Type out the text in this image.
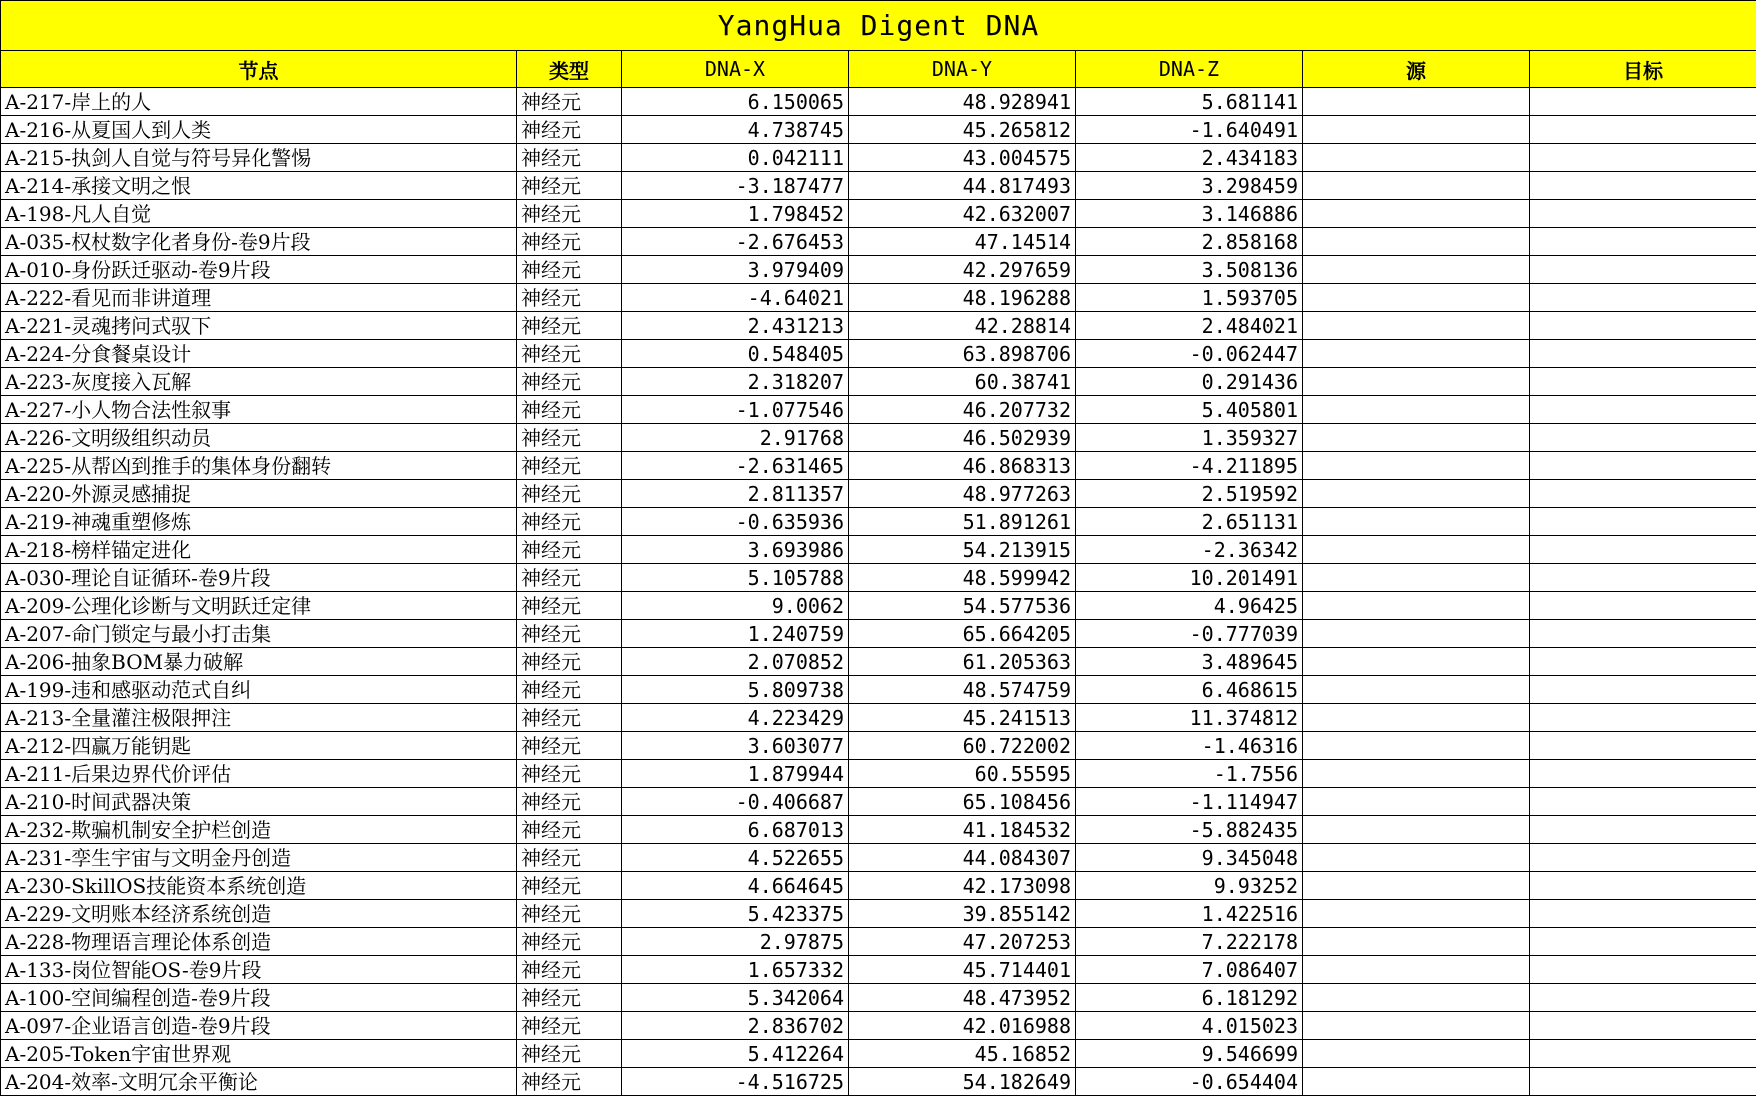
YangHua Digent DNA						
节点	类型	DNA-X	DNA-Y	DNA-Z	源	目标
A-217-岸上的人	神经元	6.150065	48.928941	5.681141		
A-216-从夏国人到人类	神经元	4.738745	45.265812	-1.640491		
A-215-执剑人自觉与符号异化警惕	神经元	0.042111	43.004575	2.434183		
A-214-承接文明之恨	神经元	-3.187477	44.817493	3.298459		
A-198-凡人自觉	神经元	1.798452	42.632007	3.146886		
A-035-权杖数字化者身份-卷9片段	神经元	-2.676453	47.14514	2.858168		
A-010-身份跃迁驱动-卷9片段	神经元	3.979409	42.297659	3.508136		
A-222-看见而非讲道理	神经元	-4.64021	48.196288	1.593705		
A-221-灵魂拷问式驭下	神经元	2.431213	42.28814	2.484021		
A-224-分食餐桌设计	神经元	0.548405	63.898706	-0.062447		
A-223-灰度接入瓦解	神经元	2.318207	60.38741	0.291436		
A-227-小人物合法性叙事	神经元	-1.077546	46.207732	5.405801		
A-226-文明级组织动员	神经元	2.91768	46.502939	1.359327		
A-225-从帮凶到推手的集体身份翻转	神经元	-2.631465	46.868313	-4.211895		
A-220-外源灵感捕捉	神经元	2.811357	48.977263	2.519592		
A-219-神魂重塑修炼	神经元	-0.635936	51.891261	2.651131		
A-218-榜样锚定进化	神经元	3.693986	54.213915	-2.36342		
A-030-理论自证循环-卷9片段	神经元	5.105788	48.599942	10.201491		
A-209-公理化诊断与文明跃迁定律	神经元	9.0062	54.577536	4.96425		
A-207-命门锁定与最小打击集	神经元	1.240759	65.664205	-0.777039		
A-206-抽象BOM暴力破解	神经元	2.070852	61.205363	3.489645		
A-199-违和感驱动范式自纠	神经元	5.809738	48.574759	6.468615		
A-213-全量灌注极限押注	神经元	4.223429	45.241513	11.374812		
A-212-四赢万能钥匙	神经元	3.603077	60.722002	-1.46316		
A-211-后果边界代价评估	神经元	1.879944	60.55595	-1.7556		
A-210-时间武器决策	神经元	-0.406687	65.108456	-1.114947		
A-232-欺骗机制安全护栏创造	神经元	6.687013	41.184532	-5.882435		
A-231-孪生宇宙与文明金丹创造	神经元	4.522655	44.084307	9.345048		
A-230-SkillOS技能资本系统创造	神经元	4.664645	42.173098	9.93252		
A-229-文明账本经济系统创造	神经元	5.423375	39.855142	1.422516		
A-228-物理语言理论体系创造	神经元	2.97875	47.207253	7.222178		
A-133-岗位智能OS-卷9片段	神经元	1.657332	45.714401	7.086407		
A-100-空间编程创造-卷9片段	神经元	5.342064	48.473952	6.181292		
A-097-企业语言创造-卷9片段	神经元	2.836702	42.016988	4.015023		
A-205-Token宇宙世界观	神经元	5.412264	45.16852	9.546699		
A-204-效率-文明冗余平衡论	神经元	-4.516725	54.182649	-0.654404		
